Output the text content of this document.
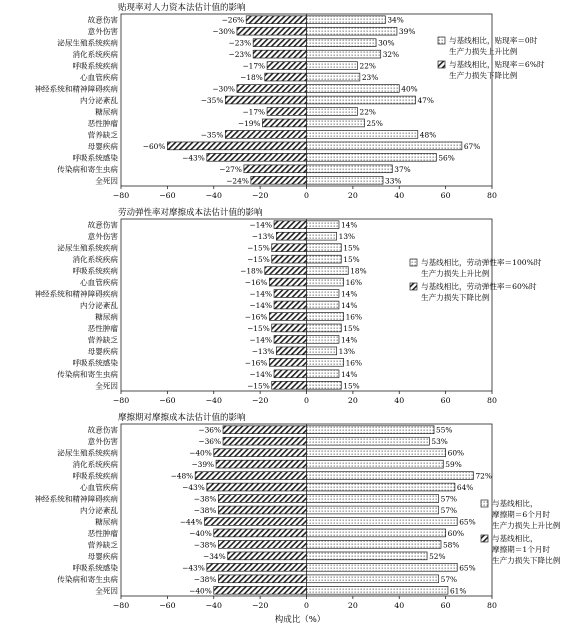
贴现率对人力资本法估计值的影响
故意伤害
意外伤害
泌尿生殖系统疾病
消化系统疾病
呼吸系统疾病
心血管疾病
神经系统和精神障碍疾病
内分泌紊乱
糖尿病
恶性肿瘤
营养缺乏
母婴疾病
呼吸系统感染
传染病和寄生虫病
全死因
34%
39%
30%
32%
22%
23%
40%
47%
22%
25%
48%
67%
56%
37%
33%
−26%
−30%
−23%
−23%
−17%
−18%
−30%
−35%
−17%
−19%
−35%
−60%
−43%
−27%
−24%
−80	−60	−40	−20	0	20	40	60	80
与基线相比，贴现率＝0时
生产力损失上升比例
与基线相比，贴现率＝6%时
生产力损失下降比例
劳动弹性率对摩擦成本法估计值的影响
故意伤害
意外伤害
泌尿生殖系统疾病
消化系统疾病
呼吸系统疾病
心血管疾病
神经系统和精神障碍疾病
内分泌紊乱
糖尿病
恶性肿瘤
营养缺乏
母婴疾病
呼吸系统感染
传染病和寄生虫病
全死因
14%
13%
15%
15%
18%
16%
14%
14%
16%
15%
14%
13%
16%
14%
15%
−14%
−13%
−15%
−15%
−18%
−16%
−14%
−14%
−16%
−15%
−14%
−13%
−16%
−14%
−15%
−80	−60	−40	−20	0	20	40	60	80
与基线相比，劳动弹性率＝100%时
生产力损失上升比例
与基线相比，劳动弹性率＝60%时
生产力损失下降比例
摩擦期对摩擦成本法估计值的影响
故意伤害
意外伤害
泌尿生殖系统疾病
消化系统疾病
呼吸系统疾病
心血管疾病
神经系统和精神障碍疾病
内分泌紊乱
糖尿病
恶性肿瘤
营养缺乏
母婴疾病
呼吸系统感染
传染病和寄生虫病
全死因
55%
53%
60%
59%
72%
64%
57%
57%
65%
60%
58%
52%
65%
57%
61%
−36%
−36%
−40%
−39%
−48%
−43%
−38%
−38%
−44%
−40%
−38%
−34%
−43%
−38%
−40%
−80	−60	−40	−20	0	20	40	60	80
与基线相比，
摩擦期＝6个月时
生产力损失上升比例
与基线相比，
摩擦期＝1个月时
生产力损失下降比例
构成比（%）
